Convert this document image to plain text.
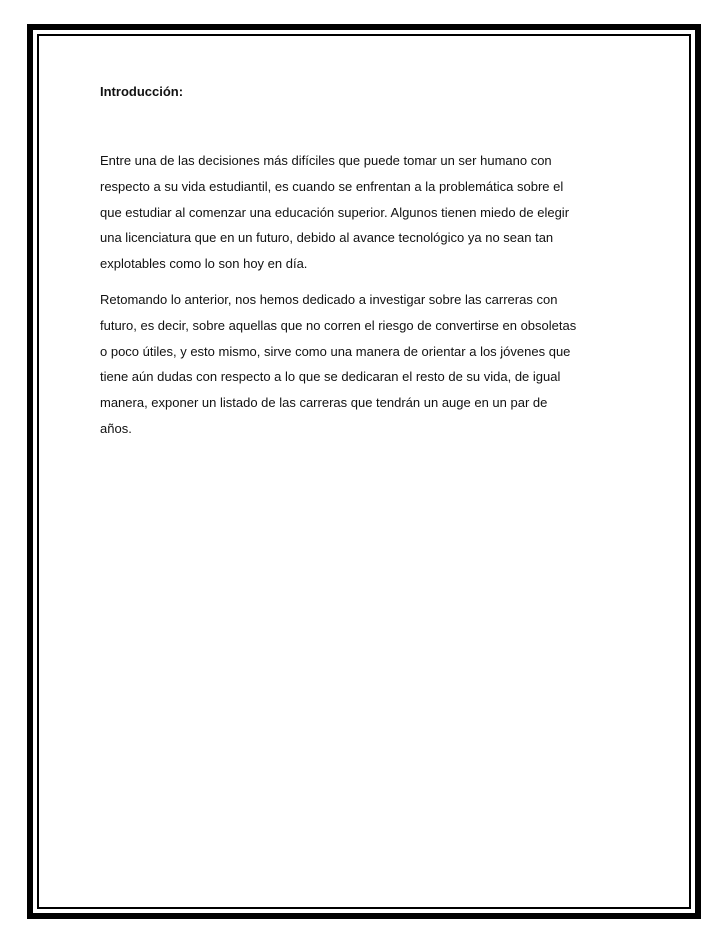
Introducción:

Entre una de las decisiones más difíciles que puede tomar un ser humano con
respecto a su vida estudiantil, es cuando se enfrentan a la problemática sobre el
que estudiar al comenzar una educación superior. Algunos tienen miedo de elegir
una licenciatura que en un futuro, debido al avance tecnológico ya no sean tan
explotables como lo son hoy en día.

Retomando lo anterior, nos hemos dedicado a investigar sobre las carreras con
futuro, es decir, sobre aquellas que no corren el riesgo de convertirse en obsoletas
o poco útiles, y esto mismo, sirve como una manera de orientar a los jóvenes que
tiene aún dudas con respecto a lo que se dedicaran el resto de su vida, de igual
manera, exponer un listado de las carreras que tendrán un auge en un par de
años.
